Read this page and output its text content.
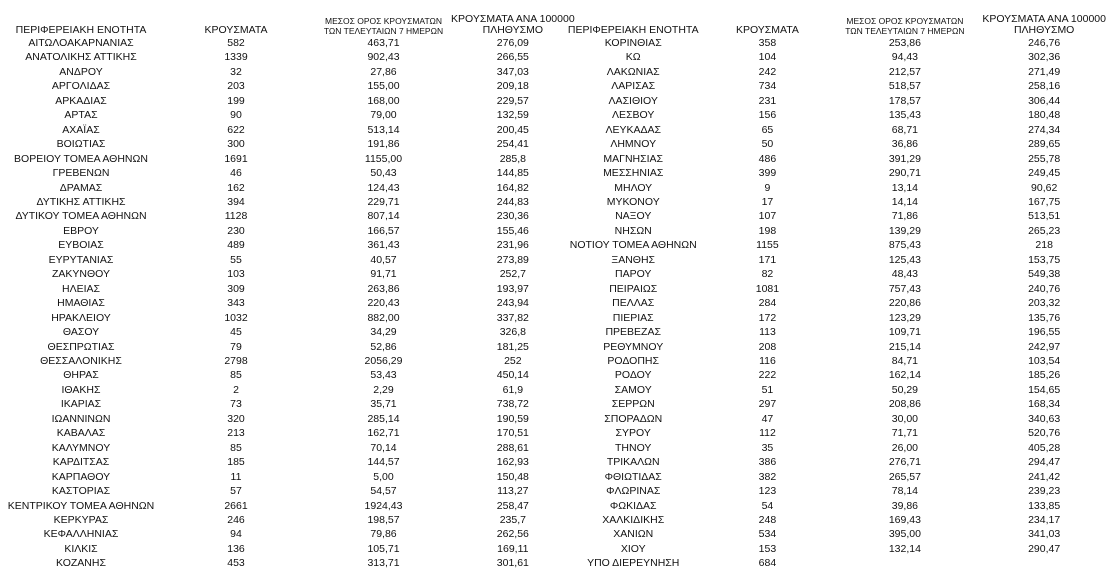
ΠΕΡΙΦΕΡΕΙΑΚΗ ΕΝΟΤΗΤΑ	ΚΡΟΥΣΜΑΤΑ	ΜΕΣΟΣ ΟΡΟΣ ΚΡΟΥΣΜΑΤΩΝ
ΤΩΝ ΤΕΛΕΥΤΑΙΩΝ 7 ΗΜΕΡΩΝ	ΚΡΟΥΣΜΑΤΑ ΑΝΑ 100000
ΠΛΗΘΥΣΜΟ
ΑΙΤΩΛΟΑΚΑΡΝΑΝΙΑΣ	582	463,71	276,09
ΑΝΑΤΟΛΙΚΗΣ ΑΤΤΙΚΗΣ	1339	902,43	266,55
ΑΝΔΡΟΥ	32	27,86	347,03
ΑΡΓΟΛΙΔΑΣ	203	155,00	209,18
ΑΡΚΑΔΙΑΣ	199	168,00	229,57
ΑΡΤΑΣ	90	79,00	132,59
ΑΧΑΪΑΣ	622	513,14	200,45
ΒΟΙΩΤΙΑΣ	300	191,86	254,41
ΒΟΡΕΙΟΥ ΤΟΜΕΑ ΑΘΗΝΩΝ	1691	1155,00	285,8
ΓΡΕΒΕΝΩΝ	46	50,43	144,85
ΔΡΑΜΑΣ	162	124,43	164,82
ΔΥΤΙΚΗΣ ΑΤΤΙΚΗΣ	394	229,71	244,83
ΔΥΤΙΚΟΥ ΤΟΜΕΑ ΑΘΗΝΩΝ	1128	807,14	230,36
ΕΒΡΟΥ	230	166,57	155,46
ΕΥΒΟΙΑΣ	489	361,43	231,96
ΕΥΡΥΤΑΝΙΑΣ	55	40,57	273,89
ΖΑΚΥΝΘΟΥ	103	91,71	252,7
ΗΛΕΙΑΣ	309	263,86	193,97
ΗΜΑΘΙΑΣ	343	220,43	243,94
ΗΡΑΚΛΕΙΟΥ	1032	882,00	337,82
ΘΑΣΟΥ	45	34,29	326,8
ΘΕΣΠΡΩΤΙΑΣ	79	52,86	181,25
ΘΕΣΣΑΛΟΝΙΚΗΣ	2798	2056,29	252
ΘΗΡΑΣ	85	53,43	450,14
ΙΘΑΚΗΣ	2	2,29	61,9
ΙΚΑΡΙΑΣ	73	35,71	738,72
ΙΩΑΝΝΙΝΩΝ	320	285,14	190,59
ΚΑΒΑΛΑΣ	213	162,71	170,51
ΚΑΛΥΜΝΟΥ	85	70,14	288,61
ΚΑΡΔΙΤΣΑΣ	185	144,57	162,93
ΚΑΡΠΑΘΟΥ	11	5,00	150,48
ΚΑΣΤΟΡΙΑΣ	57	54,57	113,27
ΚΕΝΤΡΙΚΟΥ ΤΟΜΕΑ ΑΘΗΝΩΝ	2661	1924,43	258,47
ΚΕΡΚΥΡΑΣ	246	198,57	235,7
ΚΕΦΑΛΛΗΝΙΑΣ	94	79,86	262,56
ΚΙΛΚΙΣ	136	105,71	169,11
ΚΟΖΑΝΗΣ	453	313,71	301,61
ΠΕΡΙΦΕΡΕΙΑΚΗ ΕΝΟΤΗΤΑ	ΚΡΟΥΣΜΑΤΑ	ΜΕΣΟΣ ΟΡΟΣ ΚΡΟΥΣΜΑΤΩΝ
ΤΩΝ ΤΕΛΕΥΤΑΙΩΝ 7 ΗΜΕΡΩΝ	ΚΡΟΥΣΜΑΤΑ ΑΝΑ 100000
ΠΛΗΘΥΣΜΟ
ΚΟΡΙΝΘΙΑΣ	358	253,86	246,76
ΚΩ	104	94,43	302,36
ΛΑΚΩΝΙΑΣ	242	212,57	271,49
ΛΑΡΙΣΑΣ	734	518,57	258,16
ΛΑΣΙΘΙΟΥ	231	178,57	306,44
ΛΕΣΒΟΥ	156	135,43	180,48
ΛΕΥΚΑΔΑΣ	65	68,71	274,34
ΛΗΜΝΟΥ	50	36,86	289,65
ΜΑΓΝΗΣΙΑΣ	486	391,29	255,78
ΜΕΣΣΗΝΙΑΣ	399	290,71	249,45
ΜΗΛΟΥ	9	13,14	90,62
ΜΥΚΟΝΟΥ	17	14,14	167,75
ΝΑΞΟΥ	107	71,86	513,51
ΝΗΣΩΝ	198	139,29	265,23
ΝΟΤΙΟΥ ΤΟΜΕΑ ΑΘΗΝΩΝ	1155	875,43	218
ΞΑΝΘΗΣ	171	125,43	153,75
ΠΑΡΟΥ	82	48,43	549,38
ΠΕΙΡΑΙΩΣ	1081	757,43	240,76
ΠΕΛΛΑΣ	284	220,86	203,32
ΠΙΕΡΙΑΣ	172	123,29	135,76
ΠΡΕΒΕΖΑΣ	113	109,71	196,55
ΡΕΘΥΜΝΟΥ	208	215,14	242,97
ΡΟΔΟΠΗΣ	116	84,71	103,54
ΡΟΔΟΥ	222	162,14	185,26
ΣΑΜΟΥ	51	50,29	154,65
ΣΕΡΡΩΝ	297	208,86	168,34
ΣΠΟΡΑΔΩΝ	47	30,00	340,63
ΣΥΡΟΥ	112	71,71	520,76
ΤΗΝΟΥ	35	26,00	405,28
ΤΡΙΚΑΛΩΝ	386	276,71	294,47
ΦΘΙΩΤΙΔΑΣ	382	265,57	241,42
ΦΛΩΡΙΝΑΣ	123	78,14	239,23
ΦΩΚΙΔΑΣ	54	39,86	133,85
ΧΑΛΚΙΔΙΚΗΣ	248	169,43	234,17
ΧΑΝΙΩΝ	534	395,00	341,03
ΧΙΟΥ	153	132,14	290,47
ΥΠΟ ΔΙΕΡΕΥΝΗΣΗ	684		
